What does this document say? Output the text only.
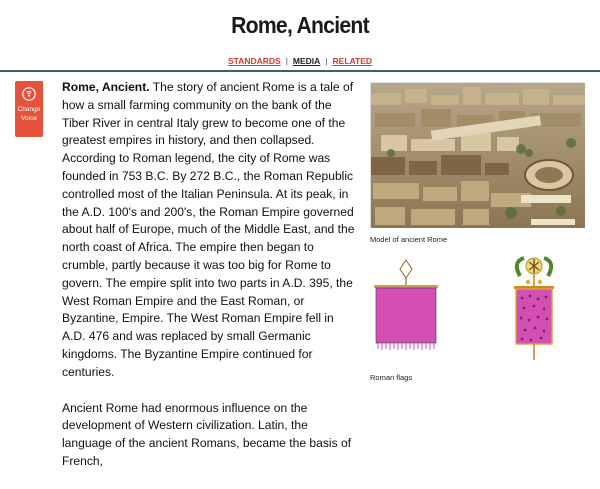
Rome, Ancient
STANDARDS | MEDIA | RELATED
Change
Voice

Rome, Ancient. The story of ancient Rome is a tale of how a small farming community on the bank of the Tiber River in central Italy grew to become one of the greatest empires in history, and then collapsed. According to Roman legend, the city of Rome was founded in 753 B.C. By 272 B.C., the Roman Republic controlled most of the Italian Peninsula. At its peak, in the A.D. 100's and 200's, the Roman Empire governed about half of Europe, much of the Middle East, and the north coast of Africa. The empire then began to crumble, partly because it was too big for Rome to govern. The empire split into two parts in A.D. 395, the West Roman Empire and the East Roman, or Byzantine, Empire. The West Roman Empire fell in A.D. 476 and was replaced by small Germanic kingdoms. The Byzantine Empire continued for centuries.

Ancient Rome had enormous influence on the development of Western civilization. Latin, the language of the ancient Romans, became the basis of French,

Model of ancient Rome
Roman flags
